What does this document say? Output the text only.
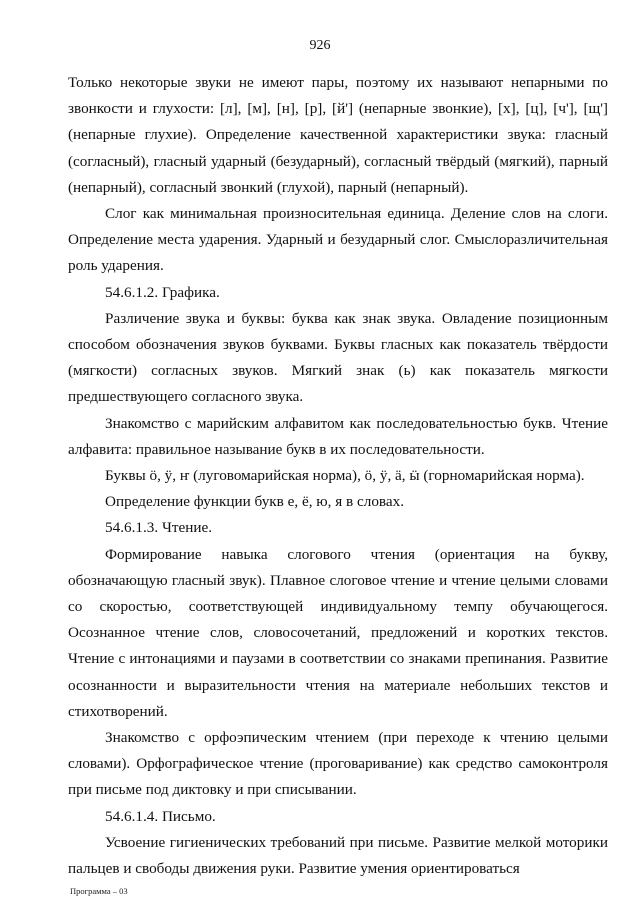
926

Только некоторые звуки не имеют пары, поэтому их называют непарными по звонкости и глухости: [л], [м], [н], [р], [й'] (непарные звонкие), [х], [ц], [ч'], [щ'] (непарные глухие). Определение качественной характеристики звука: гласный (согласный), гласный ударный (безударный), согласный твёрдый (мягкий), парный (непарный), согласный звонкий (глухой), парный (непарный).

Слог как минимальная произносительная единица. Деление слов на слоги. Определение места ударения. Ударный и безударный слог. Смыслоразличительная роль ударения.

54.6.1.2. Графика.

Различение звука и буквы: буква как знак звука. Овладение позиционным способом обозначения звуков буквами. Буквы гласных как показатель твёрдости (мягкости) согласных звуков. Мягкий знак (ь) как показатель мягкости предшествующего согласного звука.

Знакомство с марийским алфавитом как последовательностью букв. Чтение алфавита: правильное называние букв в их последовательности.

Буквы ӧ, ӱ, ҥ (луговомарийская норма), ӧ, ӱ, ӓ, ӹ (горномарийская норма).

Определение функции букв е, ё, ю, я в словах.

54.6.1.3. Чтение.

Формирование навыка слогового чтения (ориентация на букву, обозначающую гласный звук). Плавное слоговое чтение и чтение целыми словами со скоростью, соответствующей индивидуальному темпу обучающегося. Осознанное чтение слов, словосочетаний, предложений и коротких текстов. Чтение с интонациями и паузами в соответствии со знаками препинания. Развитие осознанности и выразительности чтения на материале небольших текстов и стихотворений.

Знакомство с орфоэпическим чтением (при переходе к чтению целыми словами). Орфографическое чтение (проговаривание) как средство самоконтроля при письме под диктовку и при списывании.

54.6.1.4. Письмо.

Усвоение гигиенических требований при письме. Развитие мелкой моторики пальцев и свободы движения руки. Развитие умения ориентироваться

Программа – 03
